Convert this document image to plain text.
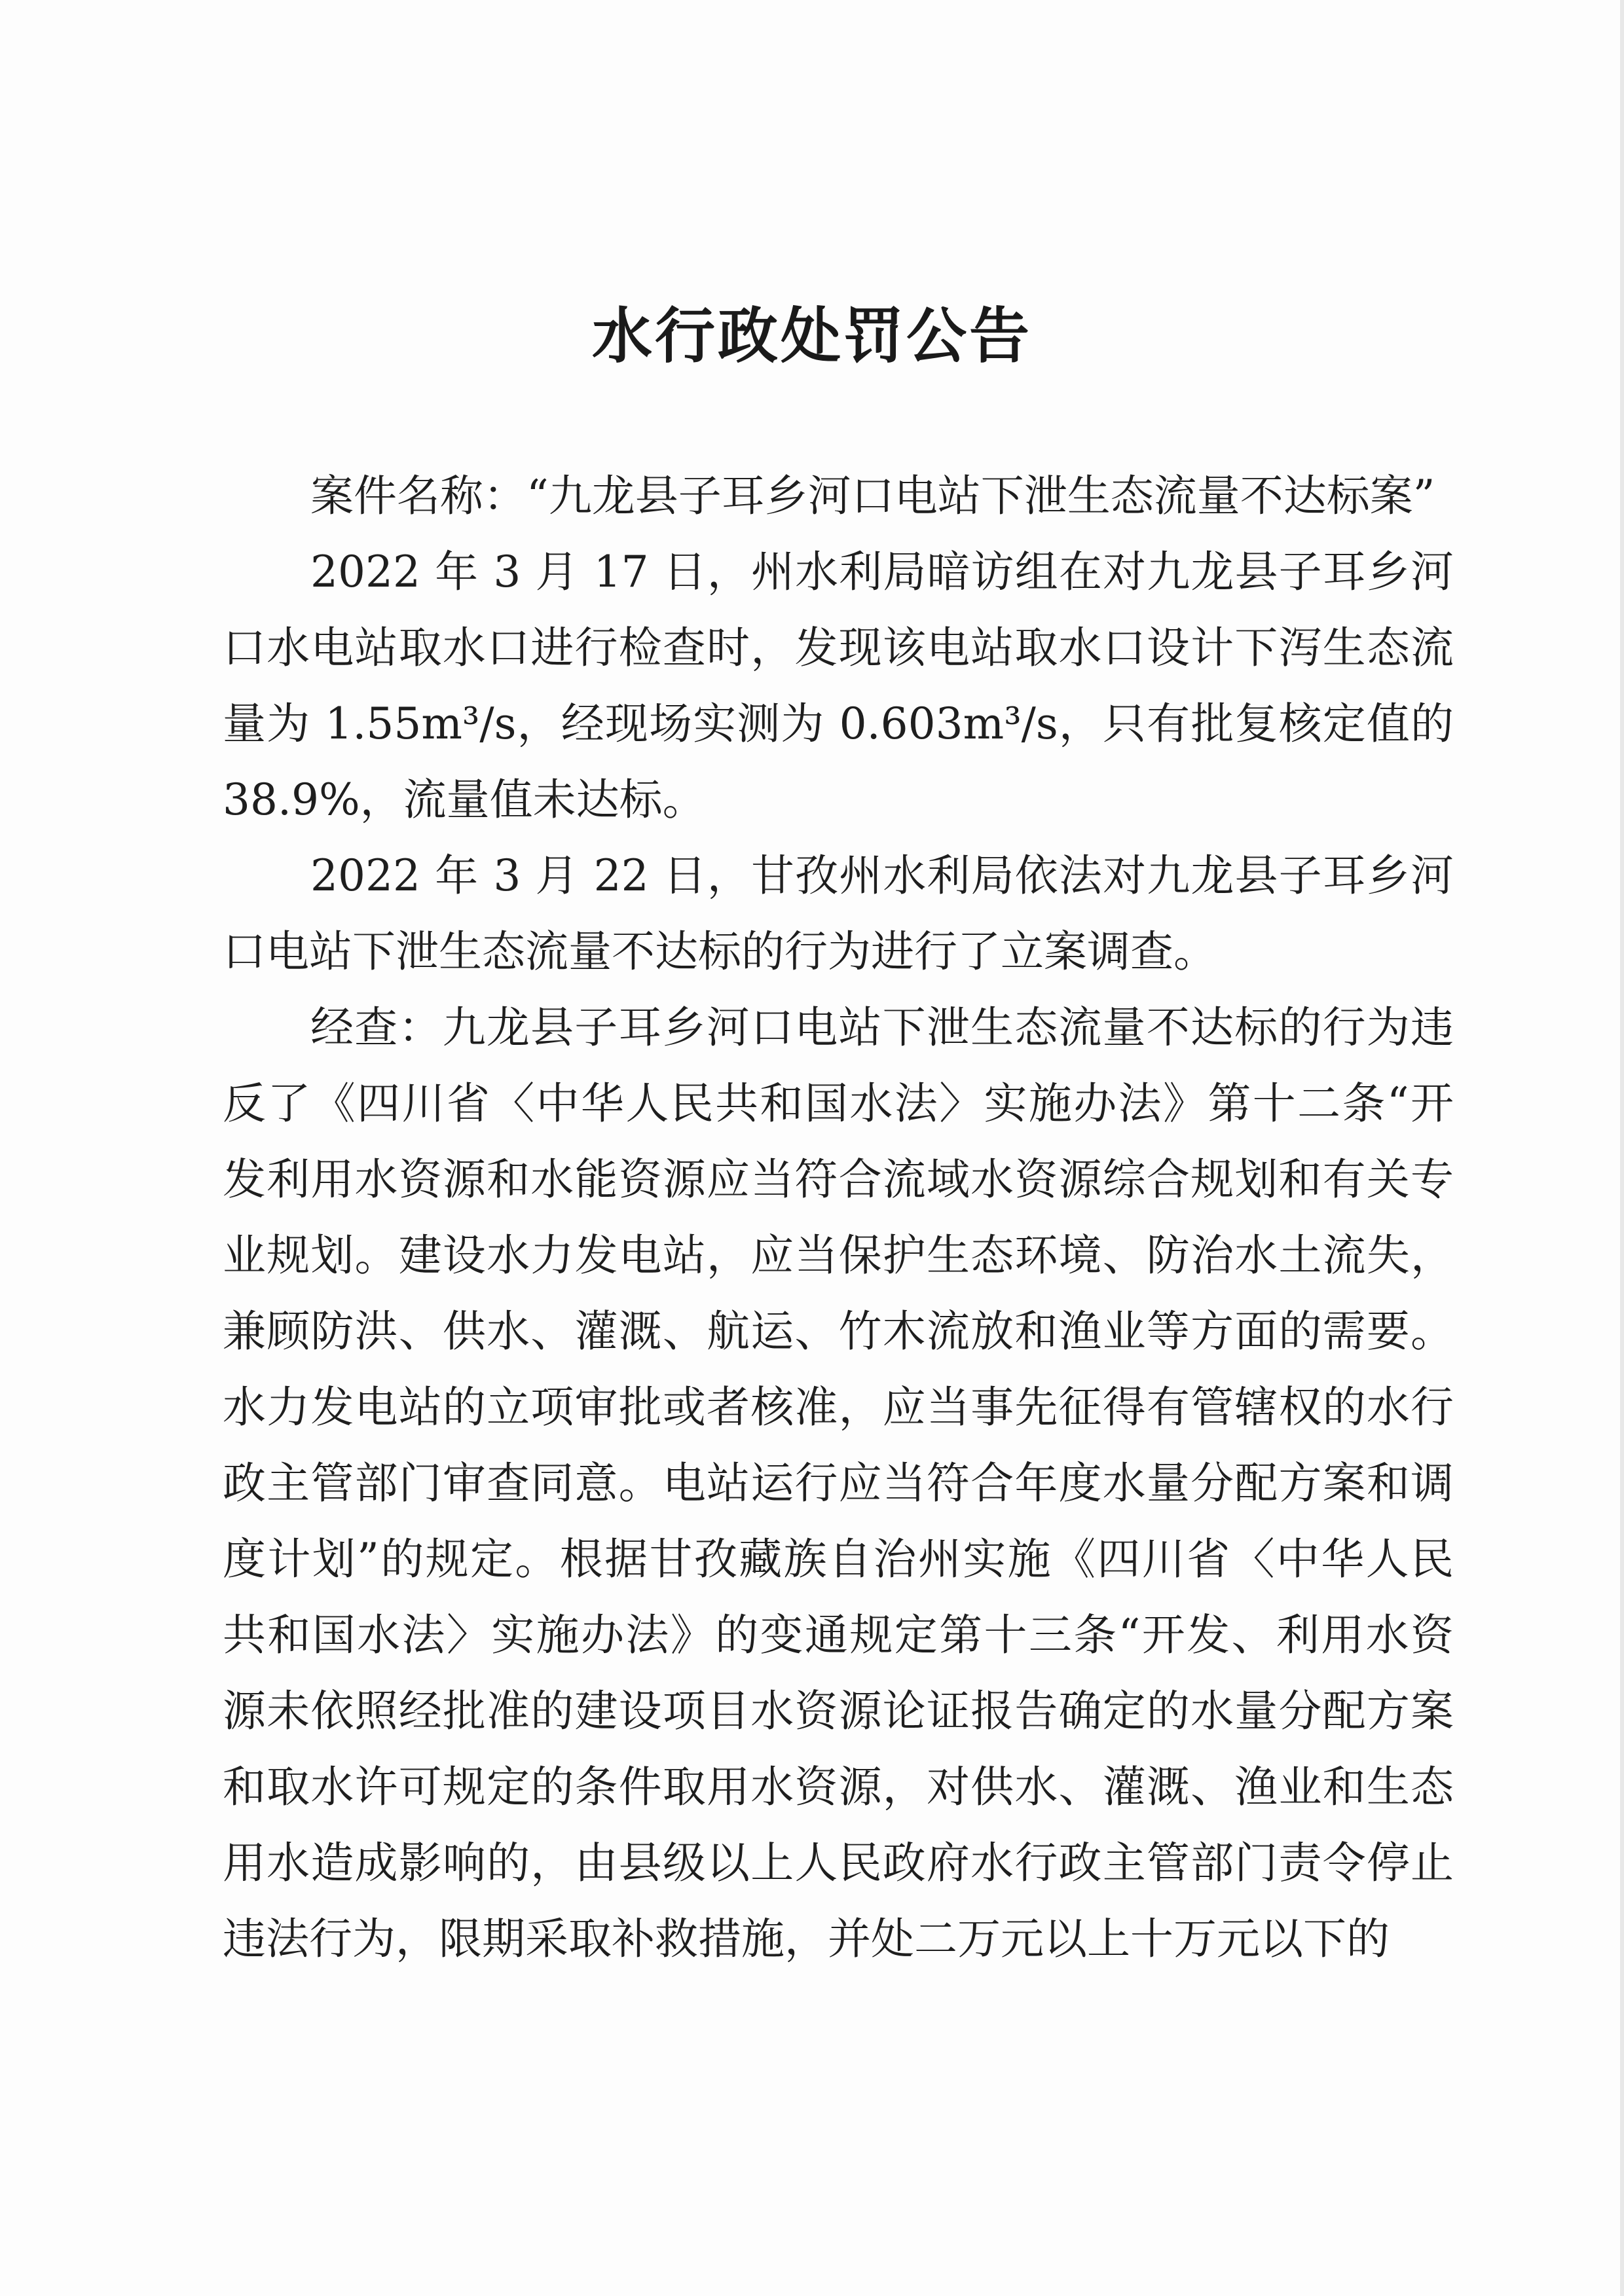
水行政处罚公告

案件名称：“九龙县子耳乡河口电站下泄生态流量不达标案”

2022 年 3 月 17 日，州水利局暗访组在对九龙县子耳乡河口水电站取水口进行检查时，发现该电站取水口设计下泻生态流量为 1.55m³/s，经现场实测为 0.603m³/s，只有批复核定值的 38.9%，流量值未达标。

2022 年 3 月 22 日，甘孜州水利局依法对九龙县子耳乡河口电站下泄生态流量不达标的行为进行了立案调查。

经查：九龙县子耳乡河口电站下泄生态流量不达标的行为违反了《四川省〈中华人民共和国水法〉实施办法》第十二条“开发利用水资源和水能资源应当符合流域水资源综合规划和有关专业规划。建设水力发电站，应当保护生态环境、防治水土流失，兼顾防洪、供水、灌溉、航运、竹木流放和渔业等方面的需要。水力发电站的立项审批或者核准，应当事先征得有管辖权的水行政主管部门审查同意。电站运行应当符合年度水量分配方案和调度计划”的规定。根据甘孜藏族自治州实施《四川省〈中华人民共和国水法〉实施办法》的变通规定第十三条“开发、利用水资源未依照经批准的建设项目水资源论证报告确定的水量分配方案和取水许可规定的条件取用水资源，对供水、灌溉、渔业和生态用水造成影响的，由县级以上人民政府水行政主管部门责令停止违法行为，限期采取补救措施，并处二万元以上十万元以下的
